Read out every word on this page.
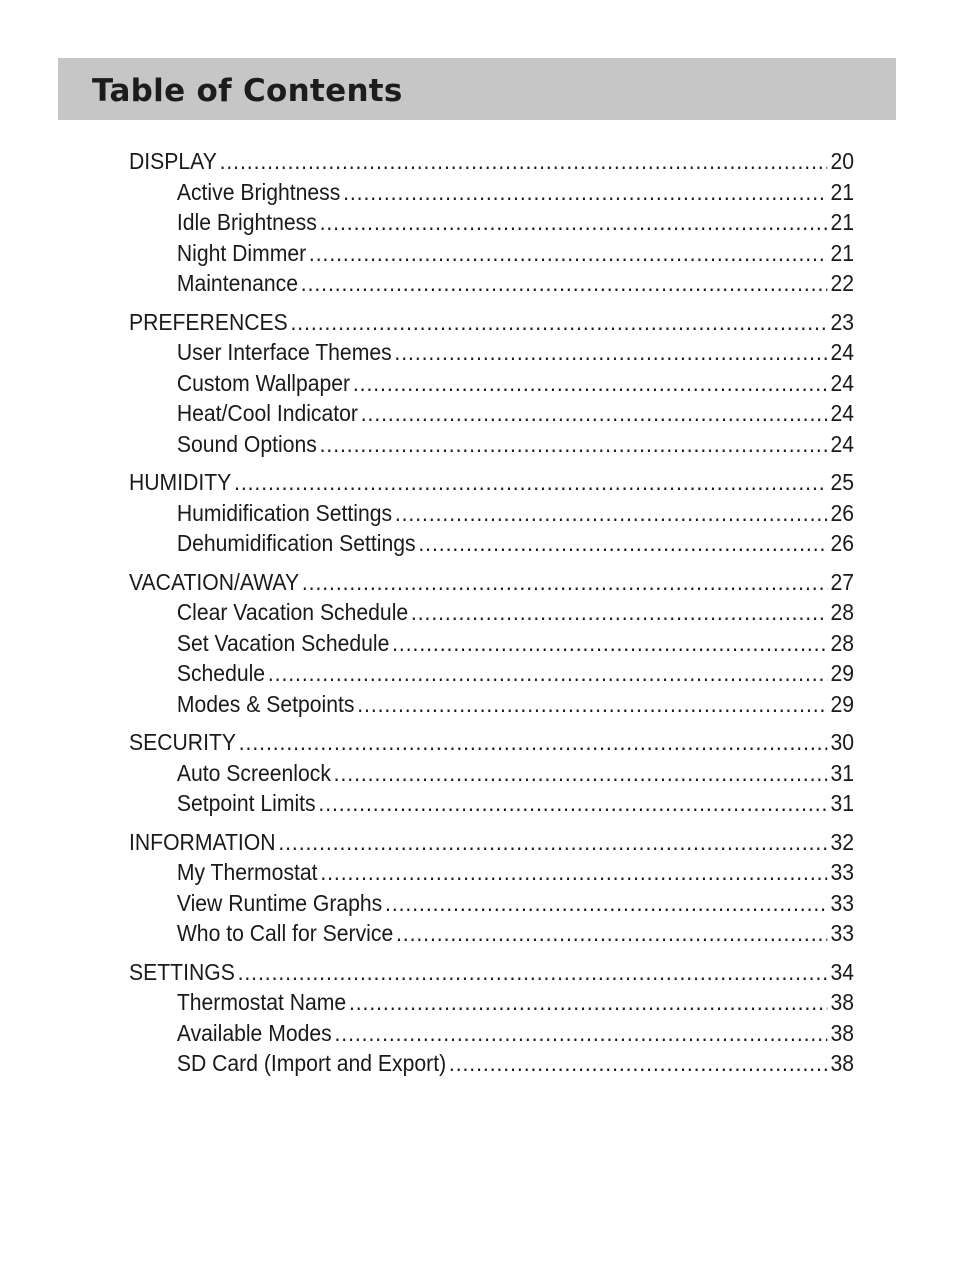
Table of Contents
DISPLAY .....	20
Active Brightness .....	21
Idle Brightness .....	21
Night Dimmer .....	21
Maintenance .....	22
PREFERENCES .....	23
User Interface Themes .....	24
Custom Wallpaper .....	24
Heat/Cool Indicator .....	24
Sound Options .....	24
HUMIDITY .....	25
Humidification Settings .....	26
Dehumidification Settings .....	26
VACATION/AWAY .....	27
Clear Vacation Schedule .....	28
Set Vacation Schedule .....	28
Schedule .....	29
Modes & Setpoints .....	29
SECURITY .....	30
Auto Screenlock .....	31
Setpoint Limits .....	31
INFORMATION .....	32
My Thermostat .....	33
View Runtime Graphs .....	33
Who to Call for Service .....	33
SETTINGS .....	34
Thermostat Name .....	38
Available Modes .....	38
SD Card (Import and Export) .....	38
